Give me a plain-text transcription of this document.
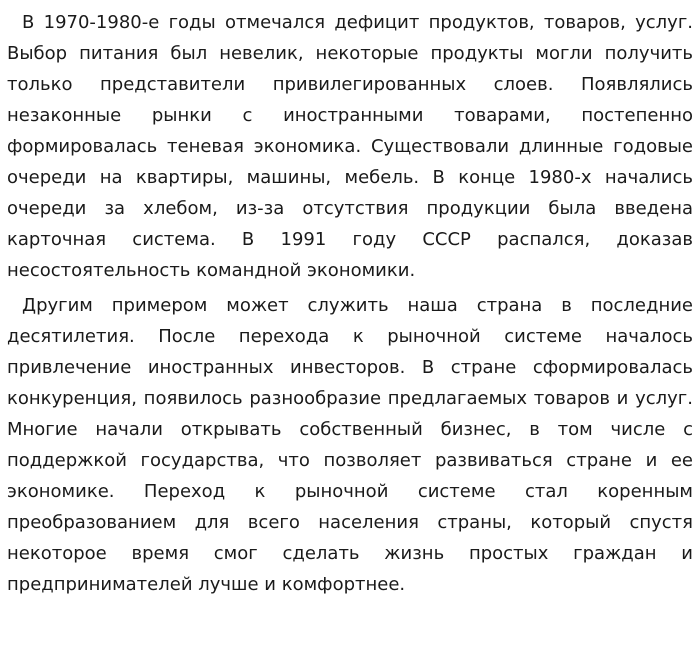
В 1970-1980-е годы отмечался дефицит продуктов, товаров, услуг. Выбор питания был невелик, некоторые продукты могли получить только представители привилегированных слоев. Появлялись незаконные рынки с иностранными товарами, постепенно формировалась теневая экономика. Существовали длинные годовые очереди на квартиры, машины, мебель. В конце 1980-х начались очереди за хлебом, из-за отсутствия продукции была введена карточная система. В 1991 году СССР распался, доказав несостоятельность командной экономики.

Другим примером может служить наша страна в последние десятилетия. После перехода к рыночной системе началось привлечение иностранных инвесторов. В стране сформировалась конкуренция, появилось разнообразие предлагаемых товаров и услуг. Многие начали открывать собственный бизнес, в том числе с поддержкой государства, что позволяет развиваться стране и ее экономике. Переход к рыночной системе стал коренным преобразованием для всего населения страны, который спустя некоторое время смог сделать жизнь простых граждан и предпринимателей лучше и комфортнее.
